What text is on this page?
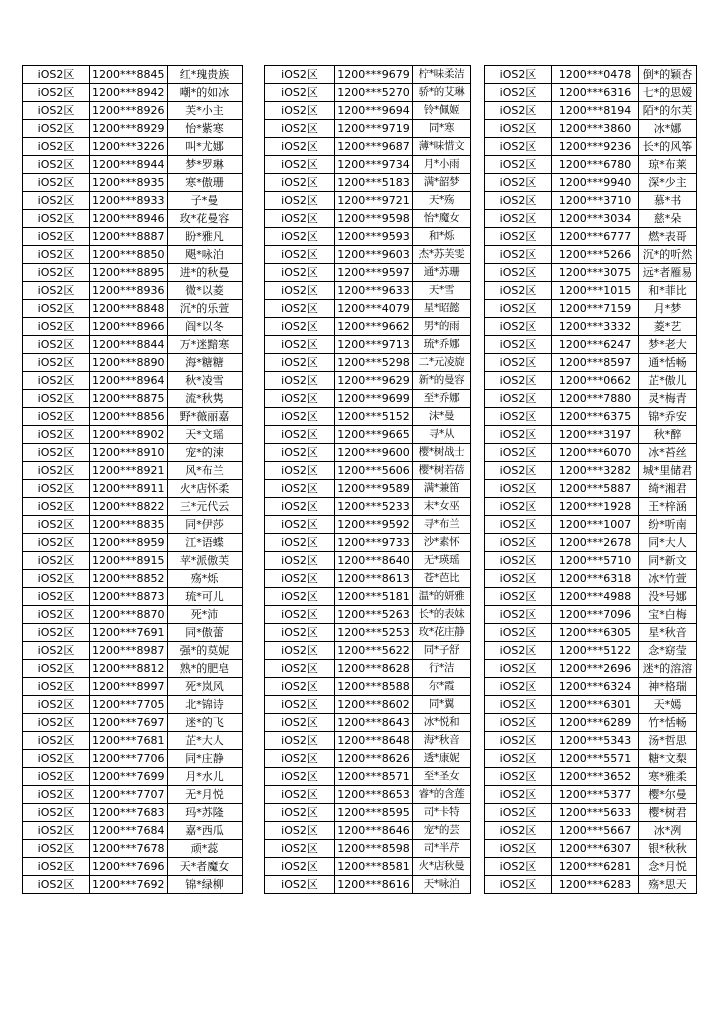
iOS2区	1200***8845	红*瑰贵族
iOS2区	1200***8942	嘲*的如冰
iOS2区	1200***8926	芙*小主
iOS2区	1200***8929	怡*紫寒
iOS2区	1200***3226	叫*尤娜
iOS2区	1200***8944	梦*罗琳
iOS2区	1200***8935	寒*傲珊
iOS2区	1200***8933	子*曼
iOS2区	1200***8946	玫*花曼容
iOS2区	1200***8887	盼*雅凡
iOS2区	1200***8850	飓*咏泊
iOS2区	1200***8895	进*的秋曼
iOS2区	1200***8936	微*以菱
iOS2区	1200***8848	沉*的乐萱
iOS2区	1200***8966	阎*以冬
iOS2区	1200***8844	万*迷黯寒
iOS2区	1200***8890	海*糖糖
iOS2区	1200***8964	秋*凌雪
iOS2区	1200***8875	流*秋隽
iOS2区	1200***8856	野*薇丽嘉
iOS2区	1200***8902	天*文瑶
iOS2区	1200***8910	宠*的涑
iOS2区	1200***8921	风*布兰
iOS2区	1200***8911	火*店怀柔
iOS2区	1200***8822	三*元代云
iOS2区	1200***8835	同*伊莎
iOS2区	1200***8959	江*语蝶
iOS2区	1200***8915	苹*派傲芙
iOS2区	1200***8852	殇*烁
iOS2区	1200***8873	琉*可儿
iOS2区	1200***8870	死*沛
iOS2区	1200***7691	同*傲蕾
iOS2区	1200***8987	强*的莫妮
iOS2区	1200***8812	熟*的肥皂
iOS2区	1200***8997	死*岚风
iOS2区	1200***7705	北*锦诗
iOS2区	1200***7697	迷*的飞
iOS2区	1200***7681	芷*大人
iOS2区	1200***7706	同*庄静
iOS2区	1200***7699	月*水儿
iOS2区	1200***7707	无*月悦
iOS2区	1200***7683	玛*苏隆
iOS2区	1200***7684	嘉*西瓜
iOS2区	1200***7678	顽*蕊
iOS2区	1200***7696	天*者魔女
iOS2区	1200***7692	锦*绿柳
iOS2区	1200***9679	柠*味柔洁
iOS2区	1200***5270	骄*的艾琳
iOS2区	1200***9694	铃*佩姬
iOS2区	1200***9719	同*寒
iOS2区	1200***9687	薄*味惜文
iOS2区	1200***9734	月*小雨
iOS2区	1200***5183	满*韶梦
iOS2区	1200***9721	天*殇
iOS2区	1200***9598	怡*魔女
iOS2区	1200***9593	和*烁
iOS2区	1200***9603	杰*苏芙雯
iOS2区	1200***9597	通*苏珊
iOS2区	1200***9633	天*雪
iOS2区	1200***4079	星*昭懿
iOS2区	1200***9662	男*的雨
iOS2区	1200***9713	琉*乔娜
iOS2区	1200***5298	二*元凌旋
iOS2区	1200***9629	新*的曼容
iOS2区	1200***9699	至*乔娜
iOS2区	1200***5152	沫*曼
iOS2区	1200***9665	寻*从
iOS2区	1200***9600	樱*树战士
iOS2区	1200***5606	樱*树若蓓
iOS2区	1200***9589	满*兼笛
iOS2区	1200***5233	末*女巫
iOS2区	1200***9592	寻*布兰
iOS2区	1200***9733	沙*素怀
iOS2区	1200***8640	无*瑛瑶
iOS2区	1200***8613	苍*芭比
iOS2区	1200***5181	温*的妍雅
iOS2区	1200***5263	长*的表妹
iOS2区	1200***5253	玫*花庄静
iOS2区	1200***5622	同*子舒
iOS2区	1200***8628	行*洁
iOS2区	1200***8588	尔*霞
iOS2区	1200***8602	同*翼
iOS2区	1200***8643	冰*悦和
iOS2区	1200***8648	海*秋音
iOS2区	1200***8626	透*康妮
iOS2区	1200***8571	至*圣女
iOS2区	1200***8653	睿*的含莲
iOS2区	1200***8595	司*卡特
iOS2区	1200***8646	宠*的芸
iOS2区	1200***8598	司*半芹
iOS2区	1200***8581	火*店秋曼
iOS2区	1200***8616	天*咏泊
iOS2区	1200***0478	倒*的颖杏
iOS2区	1200***6316	七*的思嫒
iOS2区	1200***8194	陌*的尔芙
iOS2区	1200***3860	冰*娜
iOS2区	1200***9236	长*的风筝
iOS2区	1200***6780	琼*布莱
iOS2区	1200***9940	深*少主
iOS2区	1200***3710	慕*书
iOS2区	1200***3034	慈*朵
iOS2区	1200***6777	燃*表哥
iOS2区	1200***5266	沉*的听然
iOS2区	1200***3075	远*者雁易
iOS2区	1200***1015	和*菲比
iOS2区	1200***7159	月*梦
iOS2区	1200***3332	菱*艺
iOS2区	1200***6247	梦*老大
iOS2区	1200***8597	通*恬畅
iOS2区	1200***0662	芷*傲儿
iOS2区	1200***7880	灵*梅青
iOS2区	1200***6375	锦*乔安
iOS2区	1200***3197	秋*醉
iOS2区	1200***6070	冰*苔丝
iOS2区	1200***3282	城*里储君
iOS2区	1200***5887	绮*湘君
iOS2区	1200***1928	王*梓涵
iOS2区	1200***1007	纷*听南
iOS2区	1200***2678	同*大人
iOS2区	1200***5710	同*新文
iOS2区	1200***6318	冰*竹萱
iOS2区	1200***4988	没*号娜
iOS2区	1200***7096	宝*白梅
iOS2区	1200***6305	星*秋音
iOS2区	1200***5122	念*窈莹
iOS2区	1200***2696	迷*的溶溶
iOS2区	1200***6324	神*格瑞
iOS2区	1200***6301	天*嫣
iOS2区	1200***6289	竹*恬畅
iOS2区	1200***5343	汤*哲思
iOS2区	1200***5571	糖*文梨
iOS2区	1200***3652	寒*雅柔
iOS2区	1200***5377	樱*尔曼
iOS2区	1200***5633	樱*树君
iOS2区	1200***5667	冰*冽
iOS2区	1200***6307	银*秋秋
iOS2区	1200***6281	念*月悦
iOS2区	1200***6283	殇*思天
